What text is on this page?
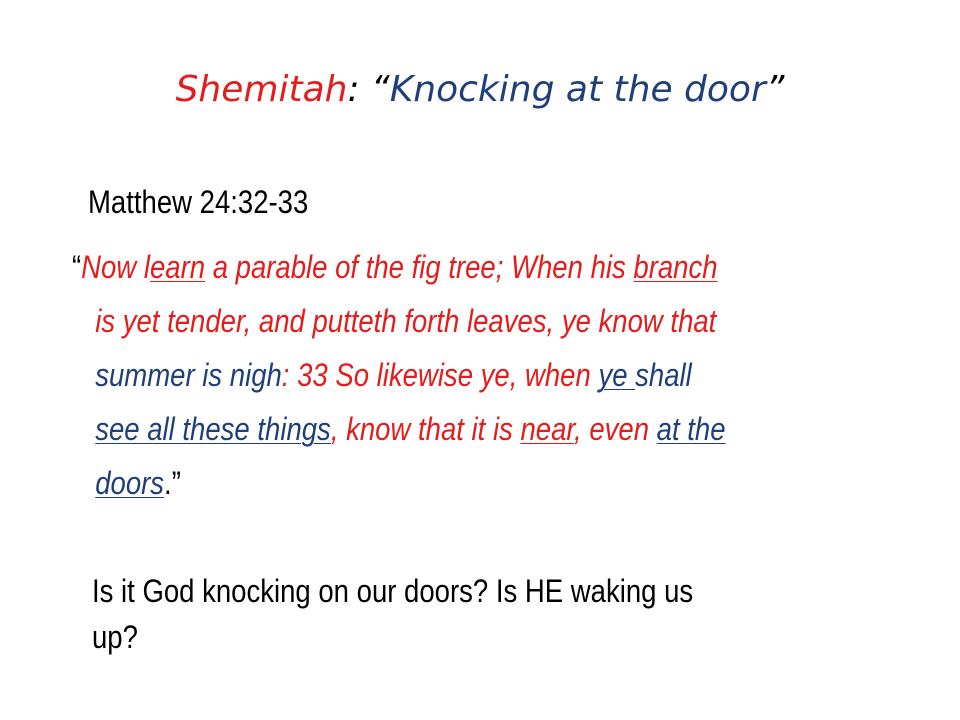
Shemitah: “Knocking at the door”
Matthew 24:32-33
“Now learn a parable of the fig tree; When his branch
is yet tender, and putteth forth leaves, ye know that
summer is nigh: 33 So likewise ye, when ye shall
see all these things, know that it is near, even at the
doors.”
Is it God knocking on our doors? Is HE waking us
up?
